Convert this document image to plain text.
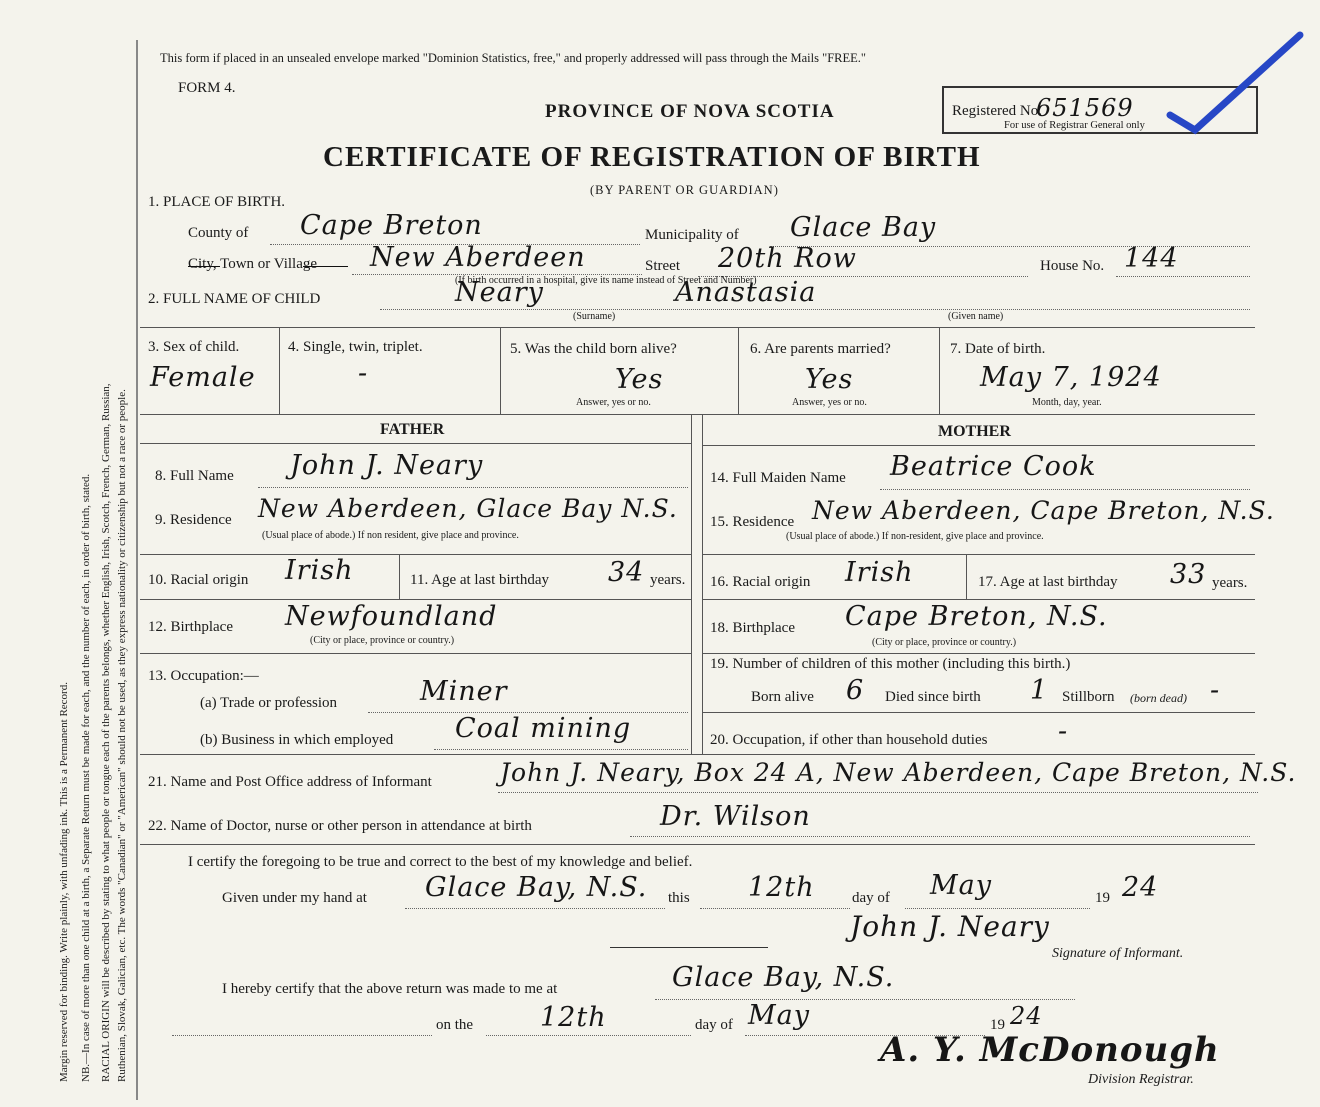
Margin reserved for binding. Write plainly, with unfading ink. This is a Permanent Record. NB.—In case of more than one child at a birth, a Separate Return must be made for each, and the number of each, in order of birth, stated. RACIAL ORIGIN will be described by stating to what people or tongue each of the parents belongs, whether English, Irish, Scotch, French, German, Russian, Ruthenian, Slovak, Galician, etc. The words "Canadian" or "American" should not be used, as they express nationality or citizenship but not a race or people.
This form if placed in an unsealed envelope marked "Dominion Statistics, free," and properly addressed will pass through the Mails "FREE."
FORM 4.
PROVINCE OF NOVA SCOTIA	Registered No.
651569
For use of Registrar General only
CERTIFICATE OF REGISTRATION OF BIRTH
(BY PARENT OR GUARDIAN)
1. PLACE OF BIRTH.
County of Cape Breton	Municipality of Glace Bay
City, Town or Village New Aberdeen	Street 20th Row	House No. 144
(If birth occurred in a hospital, give its name instead of Street and Number)
2. FULL NAME OF CHILD	Neary	Anastasia
(Surname)	(Given name)
3. Sex of child.
Female
4. Single, twin, triplet.
-
5. Was the child born alive?
Yes
Answer, yes or no.
6. Are parents married?
Yes
Answer, yes or no.
7. Date of birth.
May 7, 1924
Month, day, year.
FATHER	MOTHER
8. Full Name John J. Neary
9. Residence New Aberdeen, Glace Bay N.S.
(Usual place of abode.) If non resident, give place and province.
10. Racial origin Irish	11. Age at last birthday 34 years.
12. Birthplace Newfoundland
(City or place, province or country.)
13. Occupation:—
(a) Trade or profession	Miner
(b) Business in which employed Coal mining
14. Full Maiden Name Beatrice Cook
15. Residence New Aberdeen, Cape Breton, N.S.
(Usual place of abode.) If non-resident, give place and province.
16. Racial origin Irish	17. Age at last birthday 33 years.
18. Birthplace Cape Breton, N.S.
(City or place, province or country.)
19. Number of children of this mother (including this birth.)
Born alive 6 Died since birth 1 Stillborn (born dead) -
20. Occupation, if other than household duties	-
21. Name and Post Office address of Informant	John J. Neary, Box 24 A, New Aberdeen, Cape Breton, N.S.
22. Name of Doctor, nurse or other person in attendance at birth	Dr. Wilson
I certify the foregoing to be true and correct to the best of my knowledge and belief.
Given under my hand at Glace Bay, N.S. this 12th day of May	19 24
John J. Neary
Signature of Informant.
I hereby certify that the above return was made to me at	Glace Bay, N.S.
on the 12th	day of May	19 24
A. Y. McDonough
Division Registrar.
